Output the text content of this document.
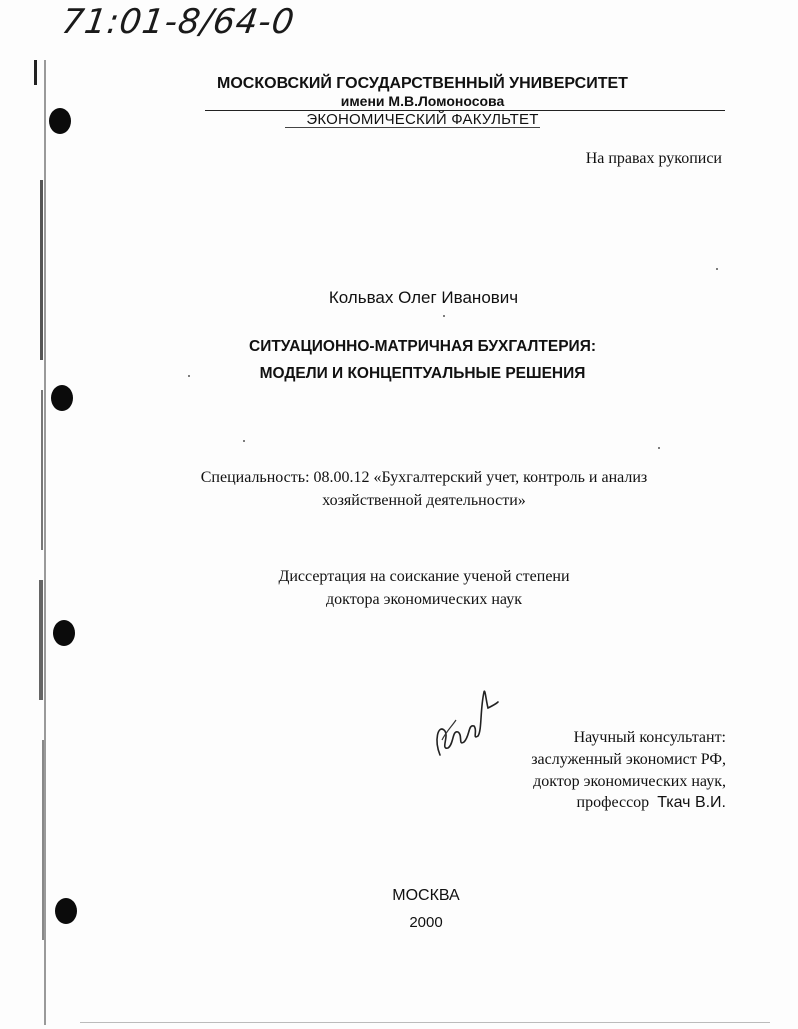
71:01-8/64-0
МОСКОВСКИЙ ГОСУДАРСТВЕННЫЙ УНИВЕРСИТЕТ
имени М.В.Ломоносова
ЭКОНОМИЧЕСКИЙ ФАКУЛЬТЕТ
На правах рукописи
Кольвах Олег Иванович
СИТУАЦИОННО-МАТРИЧНАЯ БУХГАЛТЕРИЯ:
МОДЕЛИ И КОНЦЕПТУАЛЬНЫЕ РЕШЕНИЯ
Специальность: 08.00.12 «Бухгалтерский учет, контроль и анализ
хозяйственной деятельности»
Диссертация на соискание ученой степени
доктора экономических наук
Научный консультант:
заслуженный экономист РФ,
доктор экономических наук,
профессор Ткач В.И.
МОСКВА
2000
